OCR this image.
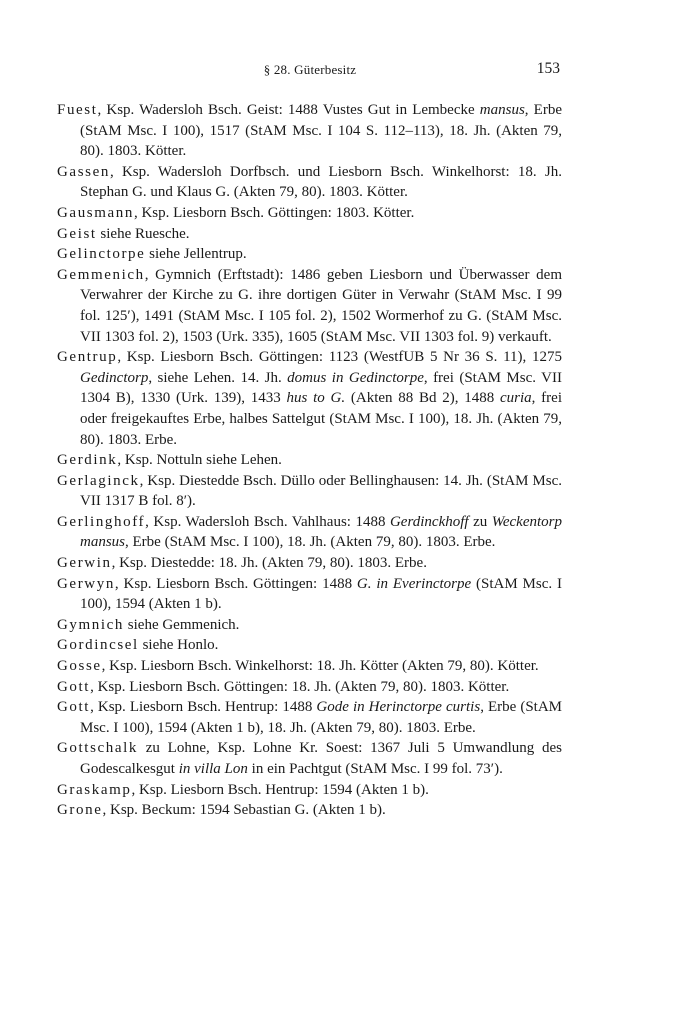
§ 28. Güterbesitz	153
Fuest, Ksp. Wadersloh Bsch. Geist: 1488 Vustes Gut in Lembecke mansus, Erbe (StAM Msc. I 100), 1517 (StAM Msc. I 104 S. 112–113), 18. Jh. (Akten 79, 80). 1803. Kötter.
Gassen, Ksp. Wadersloh Dorfbsch. und Liesborn Bsch. Winkelhorst: 18. Jh. Stephan G. und Klaus G. (Akten 79, 80). 1803. Kötter.
Gausmann, Ksp. Liesborn Bsch. Göttingen: 1803. Kötter.
Geist siehe Ruesche.
Gelinctorpe siehe Jellentrup.
Gemmenich, Gymnich (Erftstadt): 1486 geben Liesborn und Überwasser dem Verwahrer der Kirche zu G. ihre dortigen Güter in Verwahr (StAM Msc. I 99 fol. 125′), 1491 (StAM Msc. I 105 fol. 2), 1502 Wormerhof zu G. (StAM Msc. VII 1303 fol. 2), 1503 (Urk. 335), 1605 (StAM Msc. VII 1303 fol. 9) verkauft.
Gentrup, Ksp. Liesborn Bsch. Göttingen: 1123 (WestfUB 5 Nr 36 S. 11), 1275 Gedinctorp, siehe Lehen. 14. Jh. domus in Gedinctorpe, frei (StAM Msc. VII 1304 B), 1330 (Urk. 139), 1433 hus to G. (Akten 88 Bd 2), 1488 curia, frei oder freigekauftes Erbe, halbes Sattelgut (StAM Msc. I 100), 18. Jh. (Akten 79, 80). 1803. Erbe.
Gerdink, Ksp. Nottuln siehe Lehen.
Gerlaginck, Ksp. Diestedde Bsch. Düllo oder Bellinghausen: 14. Jh. (StAM Msc. VII 1317 B fol. 8′).
Gerlinghoff, Ksp. Wadersloh Bsch. Vahlhaus: 1488 Gerdinckhoff zu Weckentorp mansus, Erbe (StAM Msc. I 100), 18. Jh. (Akten 79, 80). 1803. Erbe.
Gerwin, Ksp. Diestedde: 18. Jh. (Akten 79, 80). 1803. Erbe.
Gerwyn, Ksp. Liesborn Bsch. Göttingen: 1488 G. in Everinctorpe (StAM Msc. I 100), 1594 (Akten 1 b).
Gymnich siehe Gemmenich.
Gordincsel siehe Honlo.
Gosse, Ksp. Liesborn Bsch. Winkelhorst: 18. Jh. Kötter (Akten 79, 80). Kötter.
Gott, Ksp. Liesborn Bsch. Göttingen: 18. Jh. (Akten 79, 80). 1803. Kötter.
Gott, Ksp. Liesborn Bsch. Hentrup: 1488 Gode in Herinctorpe curtis, Erbe (StAM Msc. I 100), 1594 (Akten 1 b), 18. Jh. (Akten 79, 80). 1803. Erbe.
Gottschalk zu Lohne, Ksp. Lohne Kr. Soest: 1367 Juli 5 Umwandlung des Godescalkesgut in villa Lon in ein Pachtgut (StAM Msc. I 99 fol. 73′).
Graskamp, Ksp. Liesborn Bsch. Hentrup: 1594 (Akten 1 b).
Grone, Ksp. Beckum: 1594 Sebastian G. (Akten 1 b).
